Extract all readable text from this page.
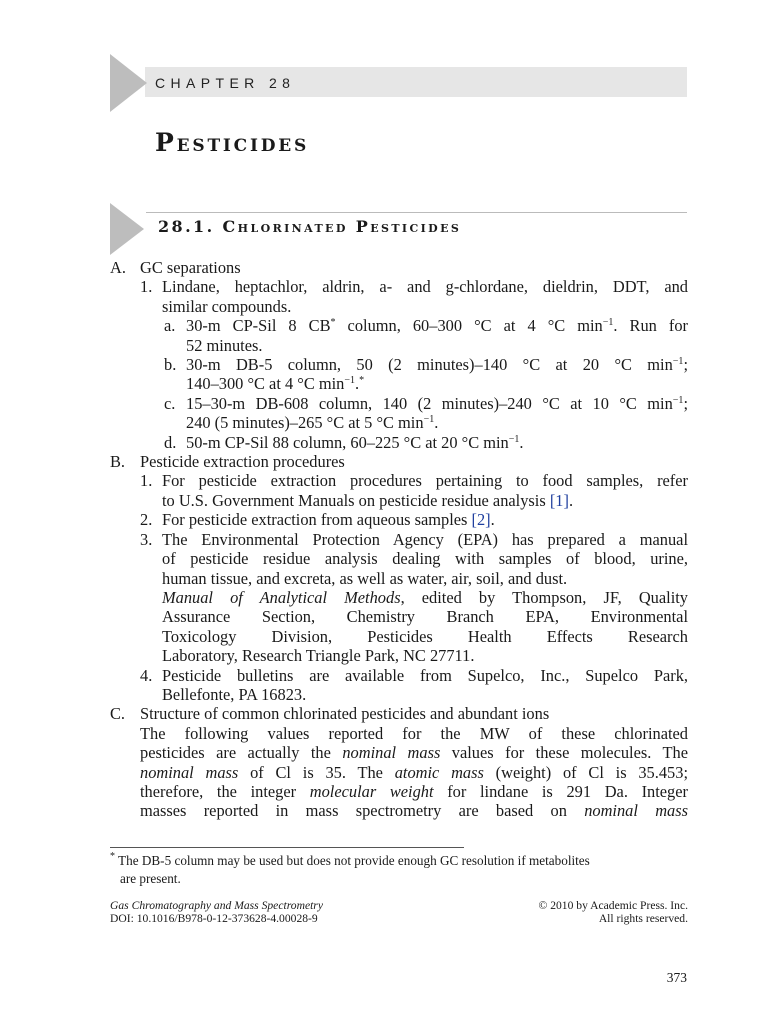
CHAPTER 28
Pesticides
28.1. Chlorinated Pesticides
A. GC separations
1. Lindane, heptachlor, aldrin, a- and g-chlordane, dieldrin, DDT, and
similar compounds.
a. 30-m CP-Sil 8 CB* column, 60–300 °C at 4 °C $\min^{-1}$. Run for
52 minutes.
b. 30-m DB-5 column, 50 (2 minutes)–140 °C at 20 °C $\min^{-1}$;
140–300 °C at 4 °C $\min^{-1}.^*$
c. 15–30-m DB-608 column, 140 (2 minutes)–240 °C at 10 °C $\min^{-1}$;
240 (5 minutes)–265 °C at 5 °C $\min^{-1}$.
d. 50-m CP-Sil 88 column, 60–225 °C at 20 °C $\min^{-1}$.
B. Pesticide extraction procedures
1. For pesticide extraction procedures pertaining to food samples, refer
to U.S. Government Manuals on pesticide residue analysis [1].
2. For pesticide extraction from aqueous samples [2].
3. The Environmental Protection Agency (EPA) has prepared a manual
of pesticide residue analysis dealing with samples of blood, urine,
human tissue, and excreta, as well as water, air, soil, and dust.
Manual of Analytical Methods, edited by Thompson, JF, Quality
Assurance Section, Chemistry Branch EPA, Environmental
Toxicology Division, Pesticides Health Effects Research
Laboratory, Research Triangle Park, NC 27711.
4. Pesticide bulletins are available from Supelco, Inc., Supelco Park,
Bellefonte, PA 16823.
C. Structure of common chlorinated pesticides and abundant ions
The following values reported for the MW of these chlorinated
pesticides are actually the nominal mass values for these molecules. The
nominal mass of Cl is 35. The atomic mass (weight) of Cl is 35.453;
therefore, the integer molecular weight for lindane is 291 Da. Integer
masses reported in mass spectrometry are based on nominal mass
* The DB-5 column may be used but does not provide enough GC resolution if metabolites
are present.
Gas Chromatography and Mass Spectrometry	© 2010 by Academic Press. Inc.
DOI: 10.1016/B978-0-12-373628-4.00028-9	All rights reserved.
373
